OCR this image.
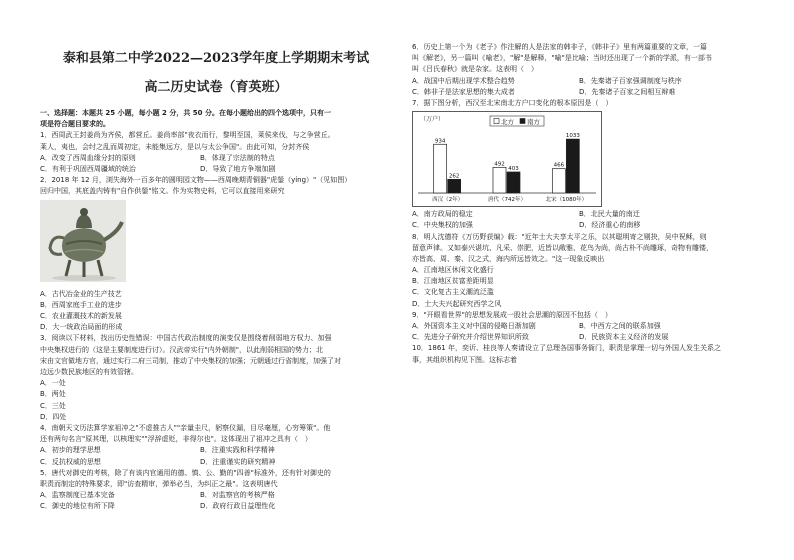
泰和县第二中学2022—2023学年度上学期期末考试
高二历史试卷（育英班）
一、选择题：本题共 25 小题，每小题 2 分，共 50 分。在每小题给出的四个选项中，只有一
项是符合题目要求的。
1．西周武王封姜尚为齐侯，都营丘。姜尚率部"夜衣而行，黎明至国，莱侯来伐，与之争营丘。
莱人，夷也，会纣之乱而周初定，未能集远方，是以与太公争国"。由此可知，分封齐侯
A．改变了西周血缘分封的原则	B．体现了宗法制的特点
C．有利于巩固西周疆域的统治	D．导致了地方争端加剧
2．2018 年 12 月，浏失海外一百多年的圆明园文物——西周晚期青铜器"虎鎣（yíng）"（见如图）
回归中国，其底盖内铸有"自作供鎣"铭文。作为实物史料，它可以直接用来研究
A．古代冶金业的生产技艺
B．西周家庭手工业的进步
C．农业灌溉技术的新发展
D．大一统政治局面的形成
3．阅读以下材料，找出历史性错误：中国古代政治制度的演变仅是围绕着削弱地方权力、加强
中央集权进行的（这是主要制度进行讨）。汉武帝实行"内外朝制"，以此削弱相国的势力；北
宋由文官做地方官，通过实行二府三司制，推动了中央集权的加强；元朝通过行省制度，加强了对
边远少数民族地区的有效管辖。
A．一处
B．两处
C．三处
D．四处
4．南朝天文历法算学家祖冲之"不虚推古人""亲量圭尺，躬察仪漏，目尽毫厘，心穷筹策"。他
还有两句名言"原其理，以核理实""浮辞虚贬，非得尔也"。这体现出了祖冲之具有（　）
A．初步的理学思想	B．注重实践和科学精神
C．反抗权威的思想	D．注重谨实的研究精神
5．唐代对御史的考核，除了有该内官通用的德、慎、公、勤的"四善"标准外，还有针对御史的
职责而制定的特殊要求，即"访查精审，弹举必当，为纠正之最"。这表明唐代
A．监察制度已基本完备	B．对监察官的考核严格
C．御史的地位有所下降	D．政府行政日益理性化
6．历史上第一个为《老子》作注解的人是法家的韩非子，《韩非子》里有两篇重要的文章，一篇
叫《解老》，另一篇叫《喻老》，"解"是解释，"喻"是比喻；当时还出现了一个新的学派，有一部书
叫《吕氏春秋》就是杂家。这表明（　）
A．战国中后期出现学术整合趋势	B．先秦诸子百家强调制度与秩序
C．韩非子是法家思想的集大成者	D．先秦诸子百家之间相互辩难
7．据下图分析，西汉至北宋南北方户口变化的根本原因是（　）
（万户）	北方 南方
934
262
西汉（2年）
492
403
唐代（742年）
466
1033
北宋（1080年）
A．南方政局的稳定	B．北民大量的南迁
C．中央集权的加强	D．经济重心的南移
8．明人沈德符《万历野获编》载："近年士大夫享太平之乐，以其聪明寄之剔抉，吴中祝稣，则
留意声律。又如泰兴谌坑、凡采、崇肥，近皆以敞雅、花鸟为尚，尚古朴不尚雕琢，奇物有雕镂，
亦皆高、周、秦、汉之式，海内所远皆效之。"这一现象反映出
A．江南地区休闲文化盛行
B．江南地区贫富差距明显
C．文化复古主义潮流泛滥
D．士大夫兴起研究西学之风
9．"开眼看世界"的思想发展成一股社会思潮的原因不包括（　）
A．外国资本主义对中国的侵略日渐加剧	B．中西方之间的联系加强
C．先进分子研究并介绍世界知识所致	D．民族资本主义经济的发展
10．1861 年，奕䜣、桂良等人奏请设立了总理各国事务衙门，职责是掌理一切与外国人发生关系之
事，其组织机构见下图。这标志着
